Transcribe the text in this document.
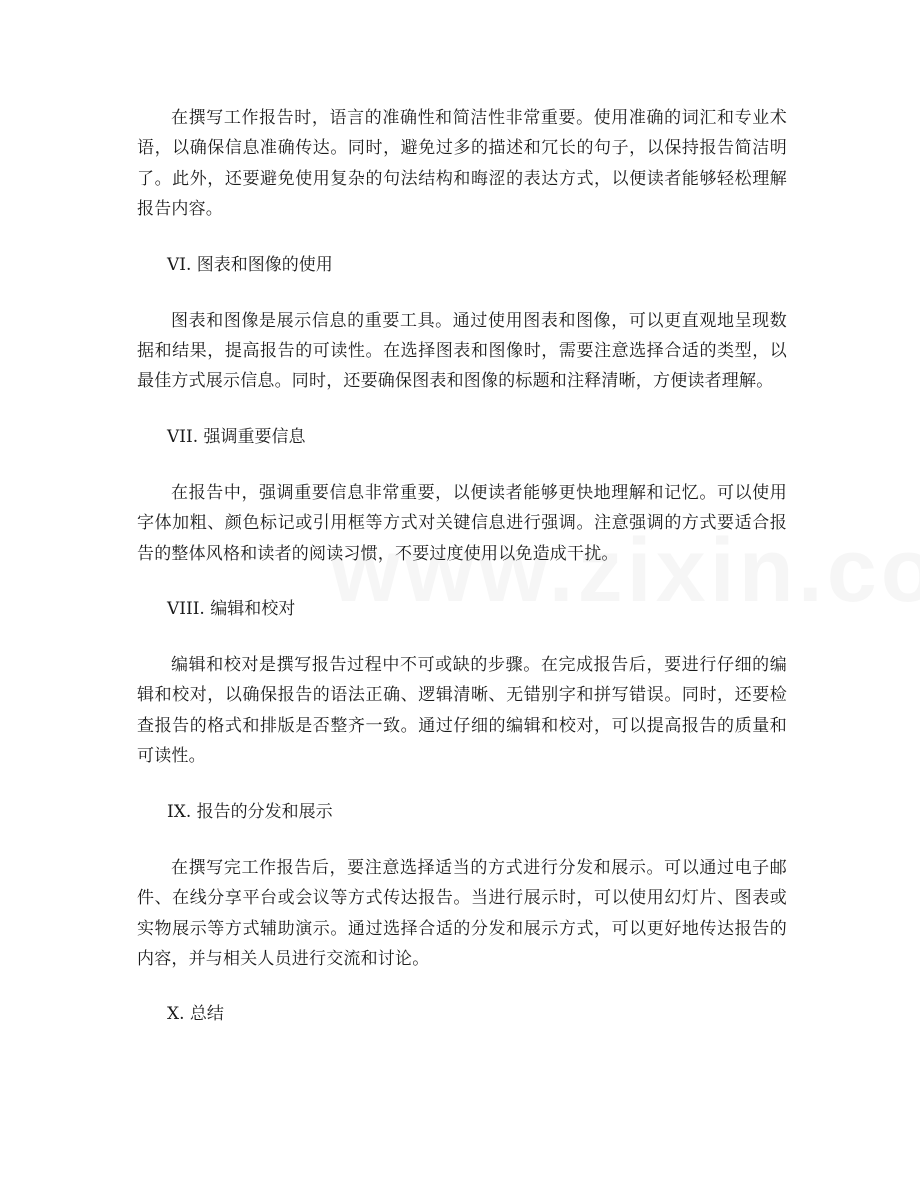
在撰写工作报告时，语言的准确性和简洁性非常重要。使用准确的词汇和专业术语，以确保信息准确传达。同时，避免过多的描述和冗长的句子，以保持报告简洁明了。此外，还要避免使用复杂的句法结构和晦涩的表达方式，以便读者能够轻松理解报告内容。

VI. 图表和图像的使用

图表和图像是展示信息的重要工具。通过使用图表和图像，可以更直观地呈现数据和结果，提高报告的可读性。在选择图表和图像时，需要注意选择合适的类型，以最佳方式展示信息。同时，还要确保图表和图像的标题和注释清晰，方便读者理解。

VII. 强调重要信息

在报告中，强调重要信息非常重要，以便读者能够更快地理解和记忆。可以使用字体加粗、颜色标记或引用框等方式对关键信息进行强调。注意强调的方式要适合报告的整体风格和读者的阅读习惯，不要过度使用以免造成干扰。

VIII. 编辑和校对

编辑和校对是撰写报告过程中不可或缺的步骤。在完成报告后，要进行仔细的编辑和校对，以确保报告的语法正确、逻辑清晰、无错别字和拼写错误。同时，还要检查报告的格式和排版是否整齐一致。通过仔细的编辑和校对，可以提高报告的质量和可读性。

IX. 报告的分发和展示

在撰写完工作报告后，要注意选择适当的方式进行分发和展示。可以通过电子邮件、在线分享平台或会议等方式传达报告。当进行展示时，可以使用幻灯片、图表或实物展示等方式辅助演示。通过选择合适的分发和展示方式，可以更好地传达报告的内容，并与相关人员进行交流和讨论。

X. 总结
